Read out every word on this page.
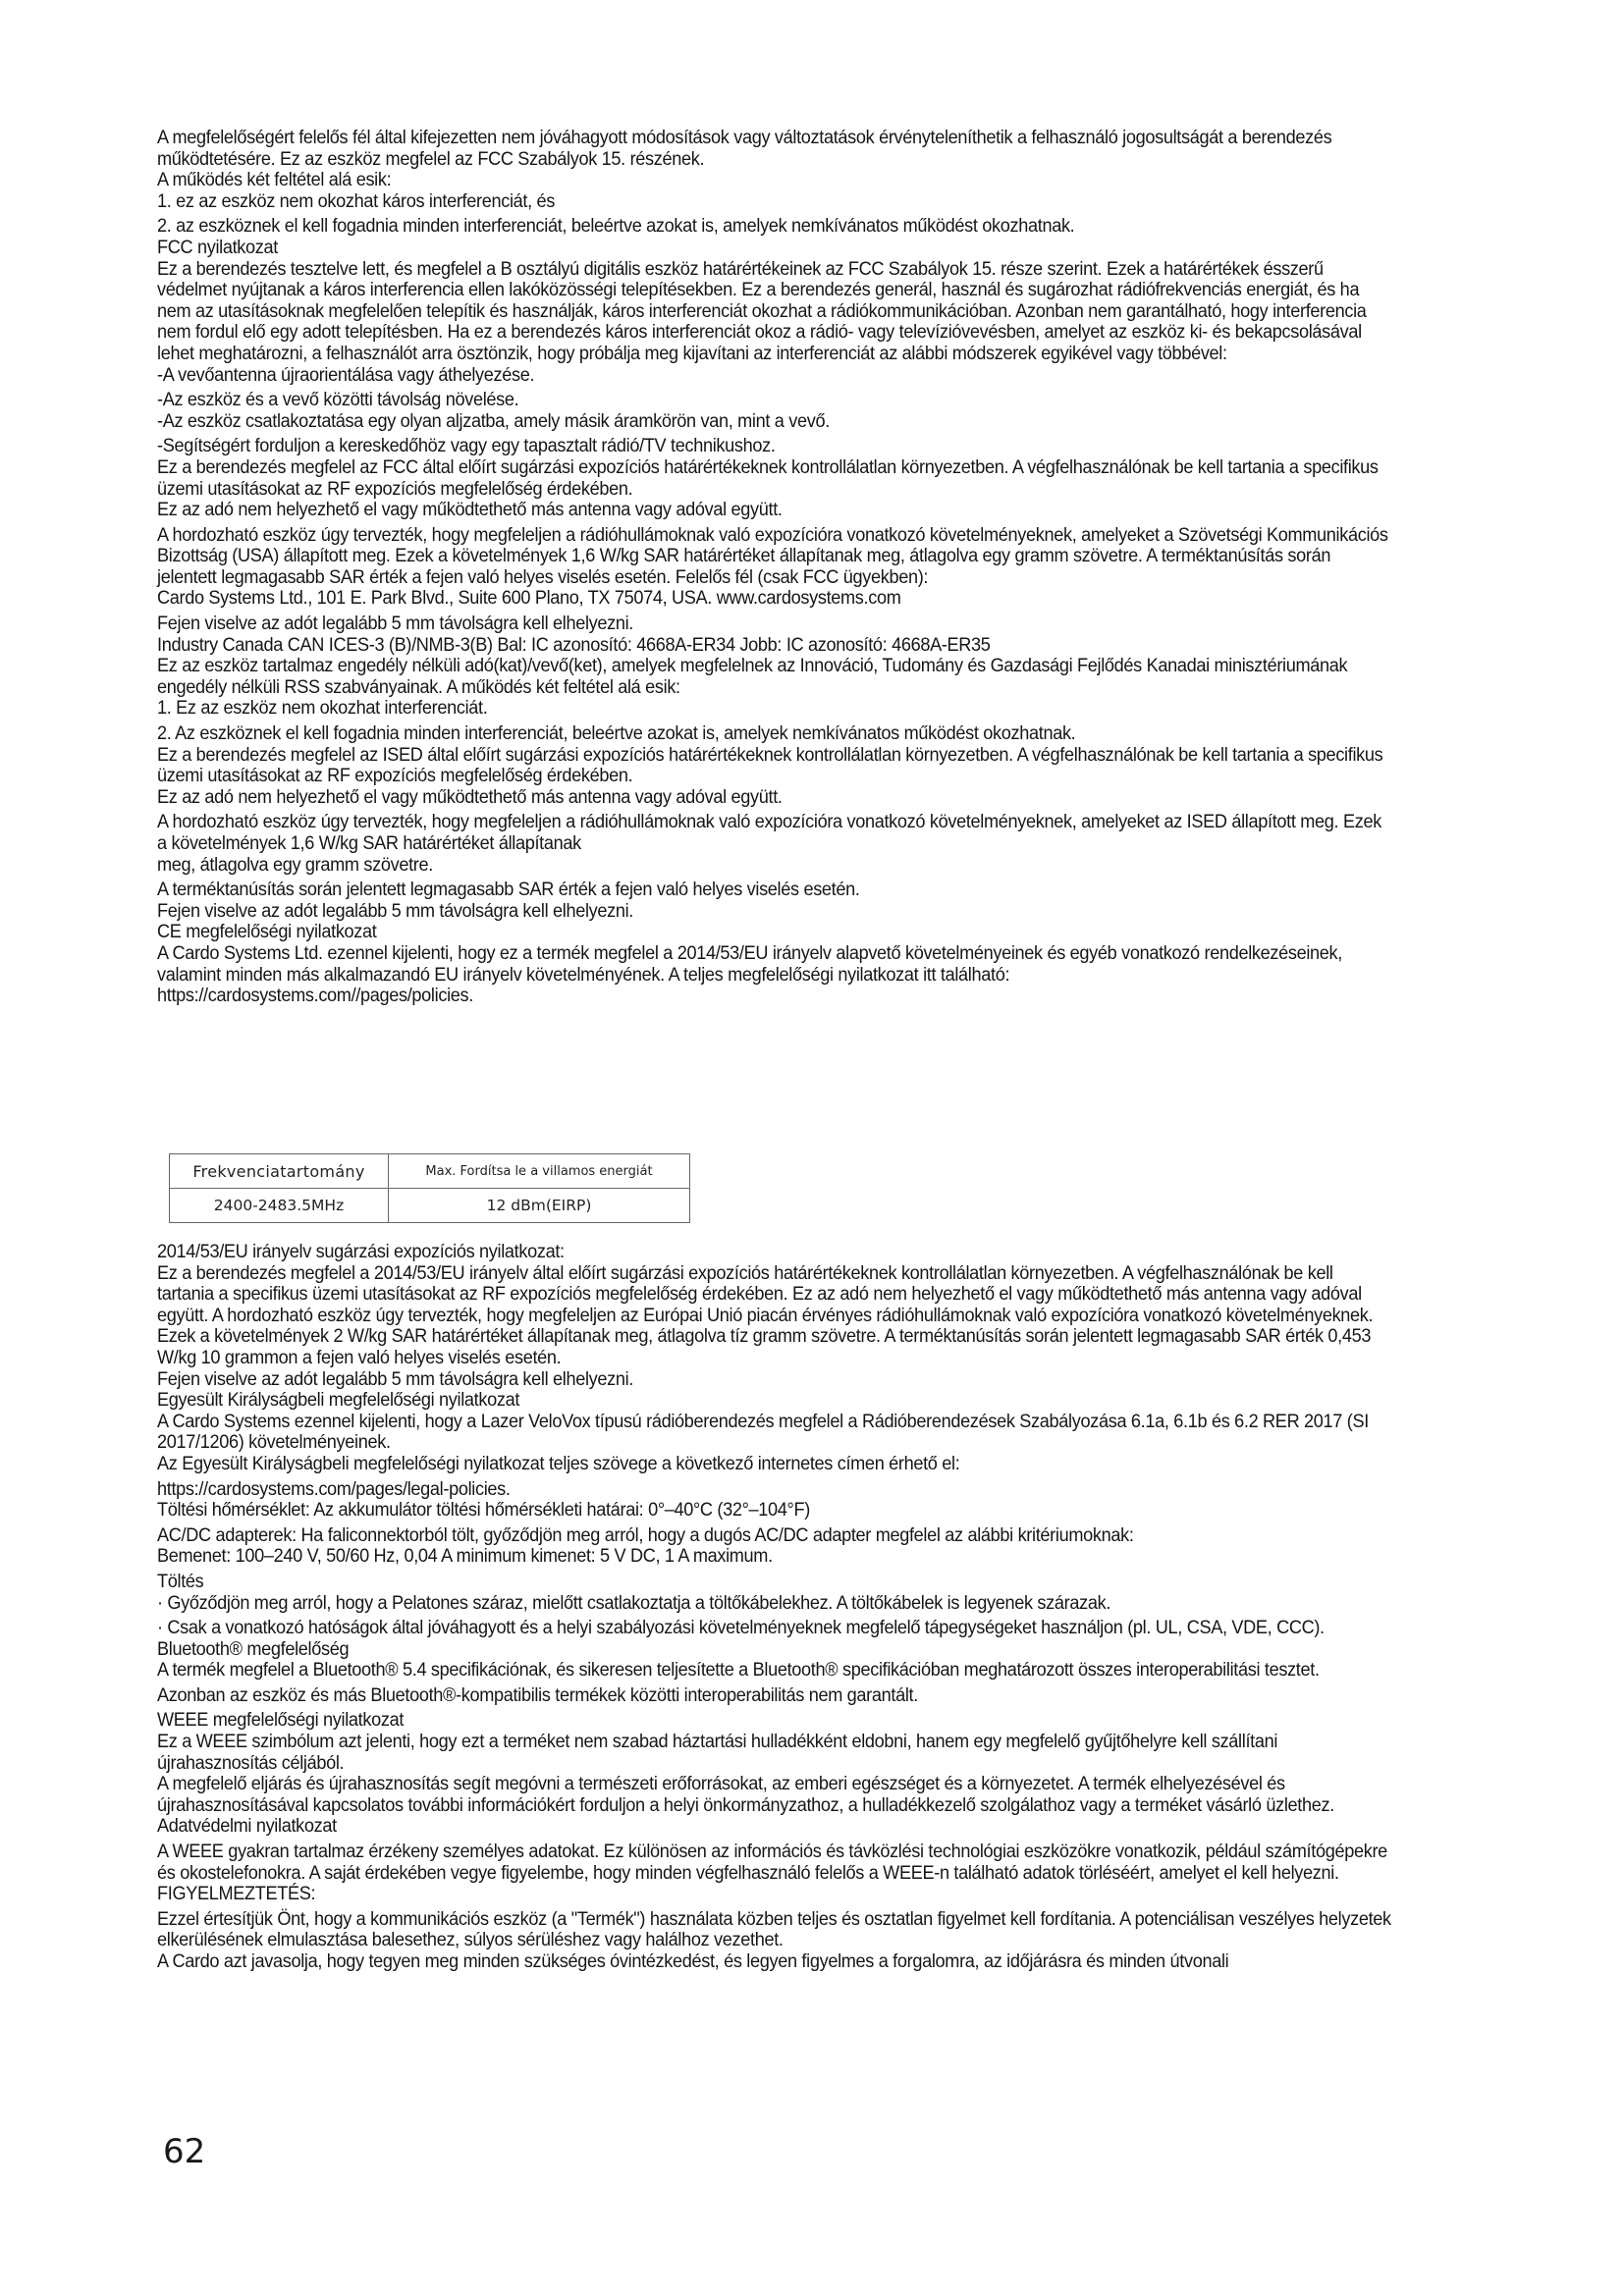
A megfelelőségért felelős fél által kifejezetten nem jóváhagyott módosítások vagy változtatások érvényteleníthetik a felhasználó jogosultságát a berendezés működtetésére. Ez az eszköz megfelel az FCC Szabályok 15. részének.

A működés két feltétel alá esik:

1. ez az eszköz nem okozhat káros interferenciát, és

2. az eszköznek el kell fogadnia minden interferenciát, beleértve azokat is, amelyek nemkívánatos működést okozhatnak.

FCC nyilatkozat

Ez a berendezés tesztelve lett, és megfelel a B osztályú digitális eszköz határértékeinek az FCC Szabályok 15. része szerint. Ezek a határértékek ésszerű védelmet nyújtanak a káros interferencia ellen lakóközösségi telepítésekben. Ez a berendezés generál, használ és sugározhat rádiófrekvenciás energiát, és ha nem az utasításoknak megfelelően telepítik és használják, káros interferenciát okozhat a rádiókommunikációban. Azonban nem garantálható, hogy interferencia nem fordul elő egy adott telepítésben. Ha ez a berendezés káros interferenciát okoz a rádió- vagy televízióvevésben, amelyet az eszköz ki- és bekapcsolásával lehet meghatározni, a felhasználót arra ösztönzik, hogy próbálja meg kijavítani az interferenciát az alábbi módszerek egyikével vagy többével:

-A vevőantenna újraorientálása vagy áthelyezése.

-Az eszköz és a vevő közötti távolság növelése.

-Az eszköz csatlakoztatása egy olyan aljzatba, amely másik áramkörön van, mint a vevő.

-Segítségért forduljon a kereskedőhöz vagy egy tapasztalt rádió/TV technikushoz.

Ez a berendezés megfelel az FCC által előírt sugárzási expozíciós határértékeknek kontrollálatlan környezetben. A végfelhasználónak be kell tartania a specifikus üzemi utasításokat az RF expozíciós megfelelőség érdekében.

Ez az adó nem helyezhető el vagy működtethető más antenna vagy adóval együtt.

A hordozható eszköz úgy tervezték, hogy megfeleljen a rádióhullámoknak való expozícióra vonatkozó követelményeknek, amelyeket a Szövetségi Kommunikációs Bizottság (USA) állapított meg. Ezek a követelmények 1,6 W/kg SAR határértéket állapítanak meg, átlagolva egy gramm szövetre. A terméktanúsítás során jelentett legmagasabb SAR érték a fejen való helyes viselés esetén. Felelős fél (csak FCC ügyekben):

Cardo Systems Ltd., 101 E. Park Blvd., Suite 600 Plano, TX 75074, USA. www.cardosystems.com

Fejen viselve az adót legalább 5 mm távolságra kell elhelyezni.

Industry Canada CAN ICES-3 (B)/NMB-3(B) Bal: IC azonosító: 4668A-ER34 Jobb: IC azonosító: 4668A-ER35

Ez az eszköz tartalmaz engedély nélküli adó(kat)/vevő(ket), amelyek megfelelnek az Innováció, Tudomány és Gazdasági Fejlődés Kanadai minisztériumának engedély nélküli RSS szabványainak. A működés két feltétel alá esik:

1. Ez az eszköz nem okozhat interferenciát.

2. Az eszköznek el kell fogadnia minden interferenciát, beleértve azokat is, amelyek nemkívánatos működést okozhatnak.

Ez a berendezés megfelel az ISED által előírt sugárzási expozíciós határértékeknek kontrollálatlan környezetben. A végfelhasználónak be kell tartania a specifikus üzemi utasításokat az RF expozíciós megfelelőség érdekében.

Ez az adó nem helyezhető el vagy működtethető más antenna vagy adóval együtt.

A hordozható eszköz úgy tervezték, hogy megfeleljen a rádióhullámoknak való expozícióra vonatkozó követelményeknek, amelyeket az ISED állapított meg. Ezek a követelmények 1,6 W/kg SAR határértéket állapítanak

meg, átlagolva egy gramm szövetre.

A terméktanúsítás során jelentett legmagasabb SAR érték a fejen való helyes viselés esetén.

Fejen viselve az adót legalább 5 mm távolságra kell elhelyezni.

CE megfelelőségi nyilatkozat

A Cardo Systems Ltd. ezennel kijelenti, hogy ez a termék megfelel a 2014/53/EU irányelv alapvető követelményeinek és egyéb vonatkozó rendelkezéseinek, valamint minden más alkalmazandó EU irányelv követelményének. A teljes megfelelőségi nyilatkozat itt található:

https://cardosystems.com//pages/policies.

Frekvenciatartomány	Max. Fordítsa le a villamos energiát
2400-2483.5MHz	12 dBm(EIRP)

2014/53/EU irányelv sugárzási expozíciós nyilatkozat:

Ez a berendezés megfelel a 2014/53/EU irányelv által előírt sugárzási expozíciós határértékeknek kontrollálatlan környezetben. A végfelhasználónak be kell tartania a specifikus üzemi utasításokat az RF expozíciós megfelelőség érdekében. Ez az adó nem helyezhető el vagy működtethető más antenna vagy adóval együtt. A hordozható eszköz úgy tervezték, hogy megfeleljen az Európai Unió piacán érvényes rádióhullámoknak való expozícióra vonatkozó követelményeknek. Ezek a követelmények 2 W/kg SAR határértéket állapítanak meg, átlagolva tíz gramm szövetre. A terméktanúsítás során jelentett legmagasabb SAR érték 0,453 W/kg 10 grammon a fejen való helyes viselés esetén.

Fejen viselve az adót legalább 5 mm távolságra kell elhelyezni.

Egyesült Királyságbeli megfelelőségi nyilatkozat

A Cardo Systems ezennel kijelenti, hogy a Lazer VeloVox típusú rádióberendezés megfelel a Rádióberendezések Szabályozása 6.1a, 6.1b és 6.2 RER 2017 (SI 2017/1206) követelményeinek.

Az Egyesült Királyságbeli megfelelőségi nyilatkozat teljes szövege a következő internetes címen érhető el:

https://cardosystems.com/pages/legal-policies.

Töltési hőmérséklet: Az akkumulátor töltési hőmérsékleti határai: 0°–40°C (32°–104°F)

AC/DC adapterek: Ha faliconnektorból tölt, győződjön meg arról, hogy a dugós AC/DC adapter megfelel az alábbi kritériumoknak:

Bemenet: 100–240 V, 50/60 Hz, 0,04 A minimum kimenet: 5 V DC, 1 A maximum.

Töltés

· Győződjön meg arról, hogy a Pelatones száraz, mielőtt csatlakoztatja a töltőkábelekhez. A töltőkábelek is legyenek szárazak.

· Csak a vonatkozó hatóságok által jóváhagyott és a helyi szabályozási követelményeknek megfelelő tápegységeket használjon (pl. UL, CSA, VDE, CCC).

Bluetooth® megfelelőség

A termék megfelel a Bluetooth® 5.4 specifikációnak, és sikeresen teljesítette a Bluetooth® specifikációban meghatározott összes interoperabilitási tesztet.

Azonban az eszköz és más Bluetooth®-kompatibilis termékek közötti interoperabilitás nem garantált.

WEEE megfelelőségi nyilatkozat

Ez a WEEE szimbólum azt jelenti, hogy ezt a terméket nem szabad háztartási hulladékként eldobni, hanem egy megfelelő gyűjtőhelyre kell szállítani újrahasznosítás céljából.

A megfelelő eljárás és újrahasznosítás segít megóvni a természeti erőforrásokat, az emberi egészséget és a környezetet. A termék elhelyezésével és újrahasznosításával kapcsolatos további információkért forduljon a helyi önkormányzathoz, a hulladékkezelő szolgálathoz vagy a terméket vásárló üzlethez.

Adatvédelmi nyilatkozat

A WEEE gyakran tartalmaz érzékeny személyes adatokat. Ez különösen az információs és távközlési technológiai eszközökre vonatkozik, például számítógépekre és okostelefonokra. A saját érdekében vegye figyelembe, hogy minden végfelhasználó felelős a WEEE-n található adatok törléséért, amelyet el kell helyezni.

FIGYELMEZTETÉS:

Ezzel értesítjük Önt, hogy a kommunikációs eszköz (a "Termék") használata közben teljes és osztatlan figyelmet kell fordítania. A potenciálisan veszélyes helyzetek elkerülésének elmulasztása balesethez, súlyos sérüléshez vagy halálhoz vezethet.

A Cardo azt javasolja, hogy tegyen meg minden szükséges óvintézkedést, és legyen figyelmes a forgalomra, az időjárásra és minden útvonali

62
